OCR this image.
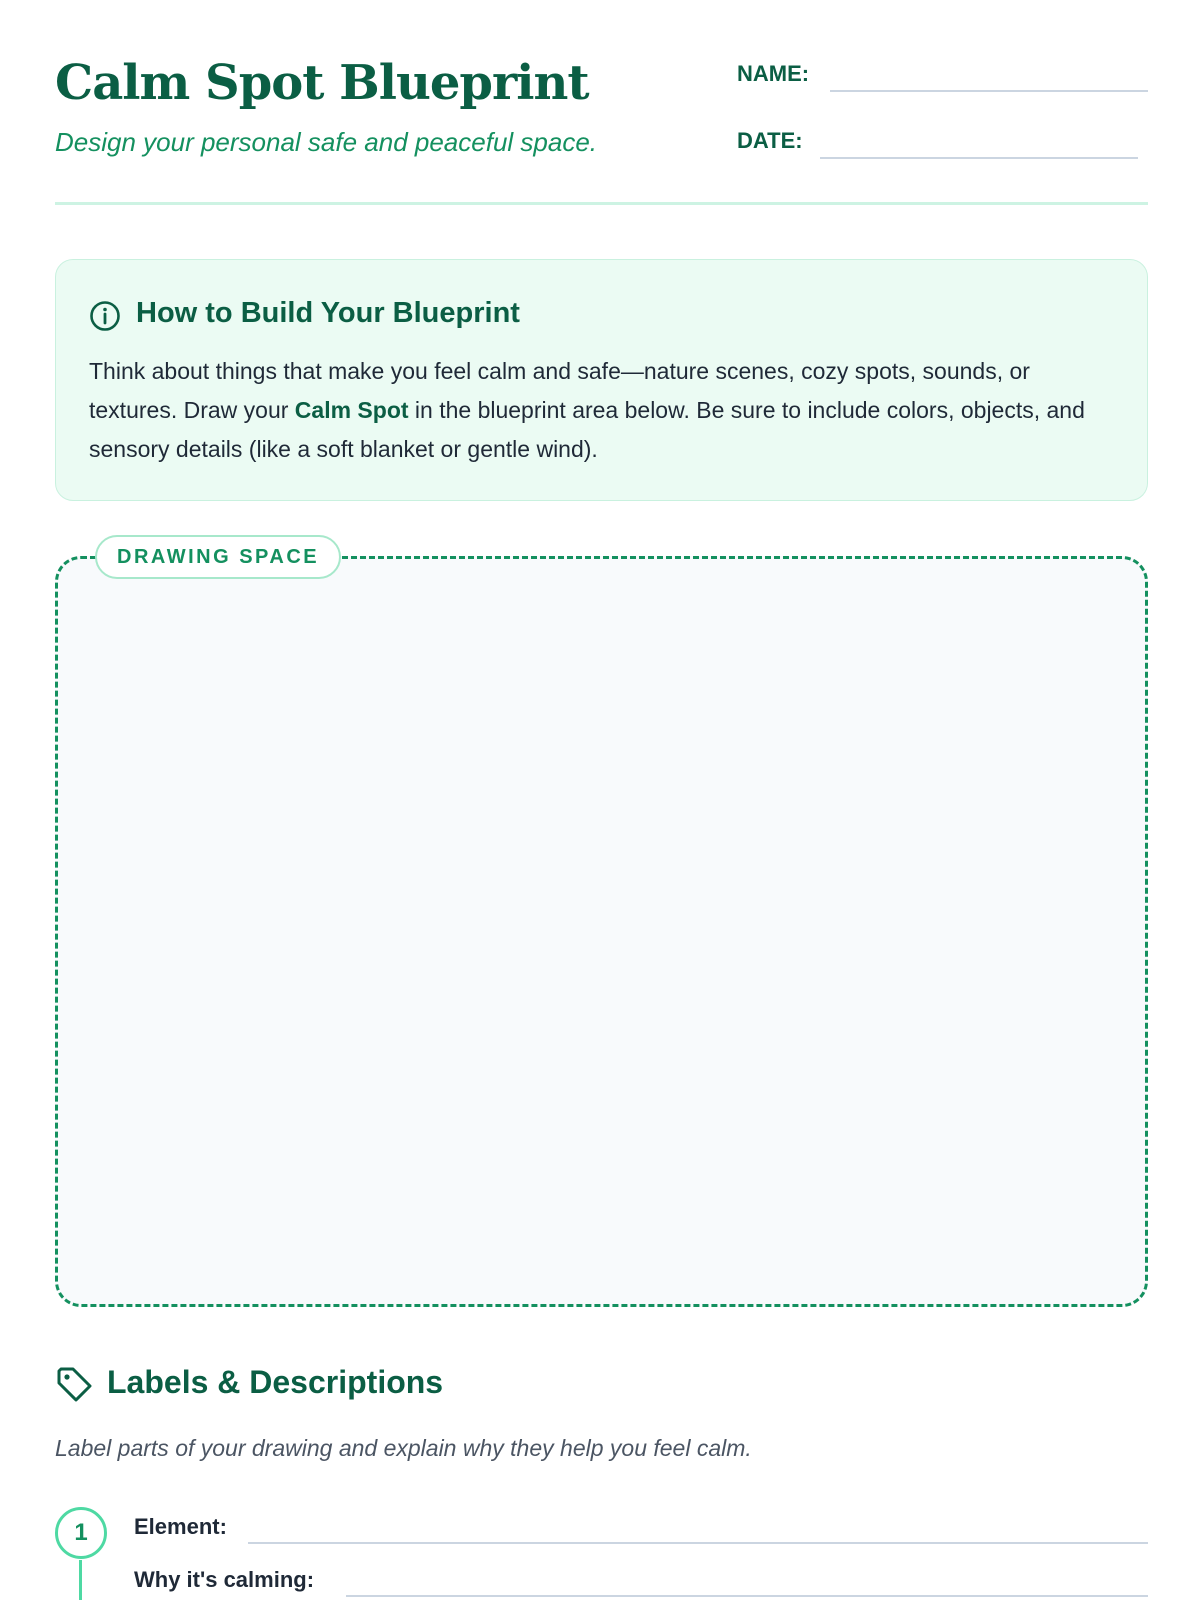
Calm Spot Blueprint
Design your personal safe and peaceful space.
NAME:
DATE:
How to Build Your Blueprint
Think about things that make you feel calm and safe—nature scenes, cozy spots, sounds, or textures. Draw your Calm Spot in the blueprint area below. Be sure to include colors, objects, and sensory details (like a soft blanket or gentle wind).
DRAWING SPACE
Labels & Descriptions
Label parts of your drawing and explain why they help you feel calm.
1	Element:
Why it's calming:
